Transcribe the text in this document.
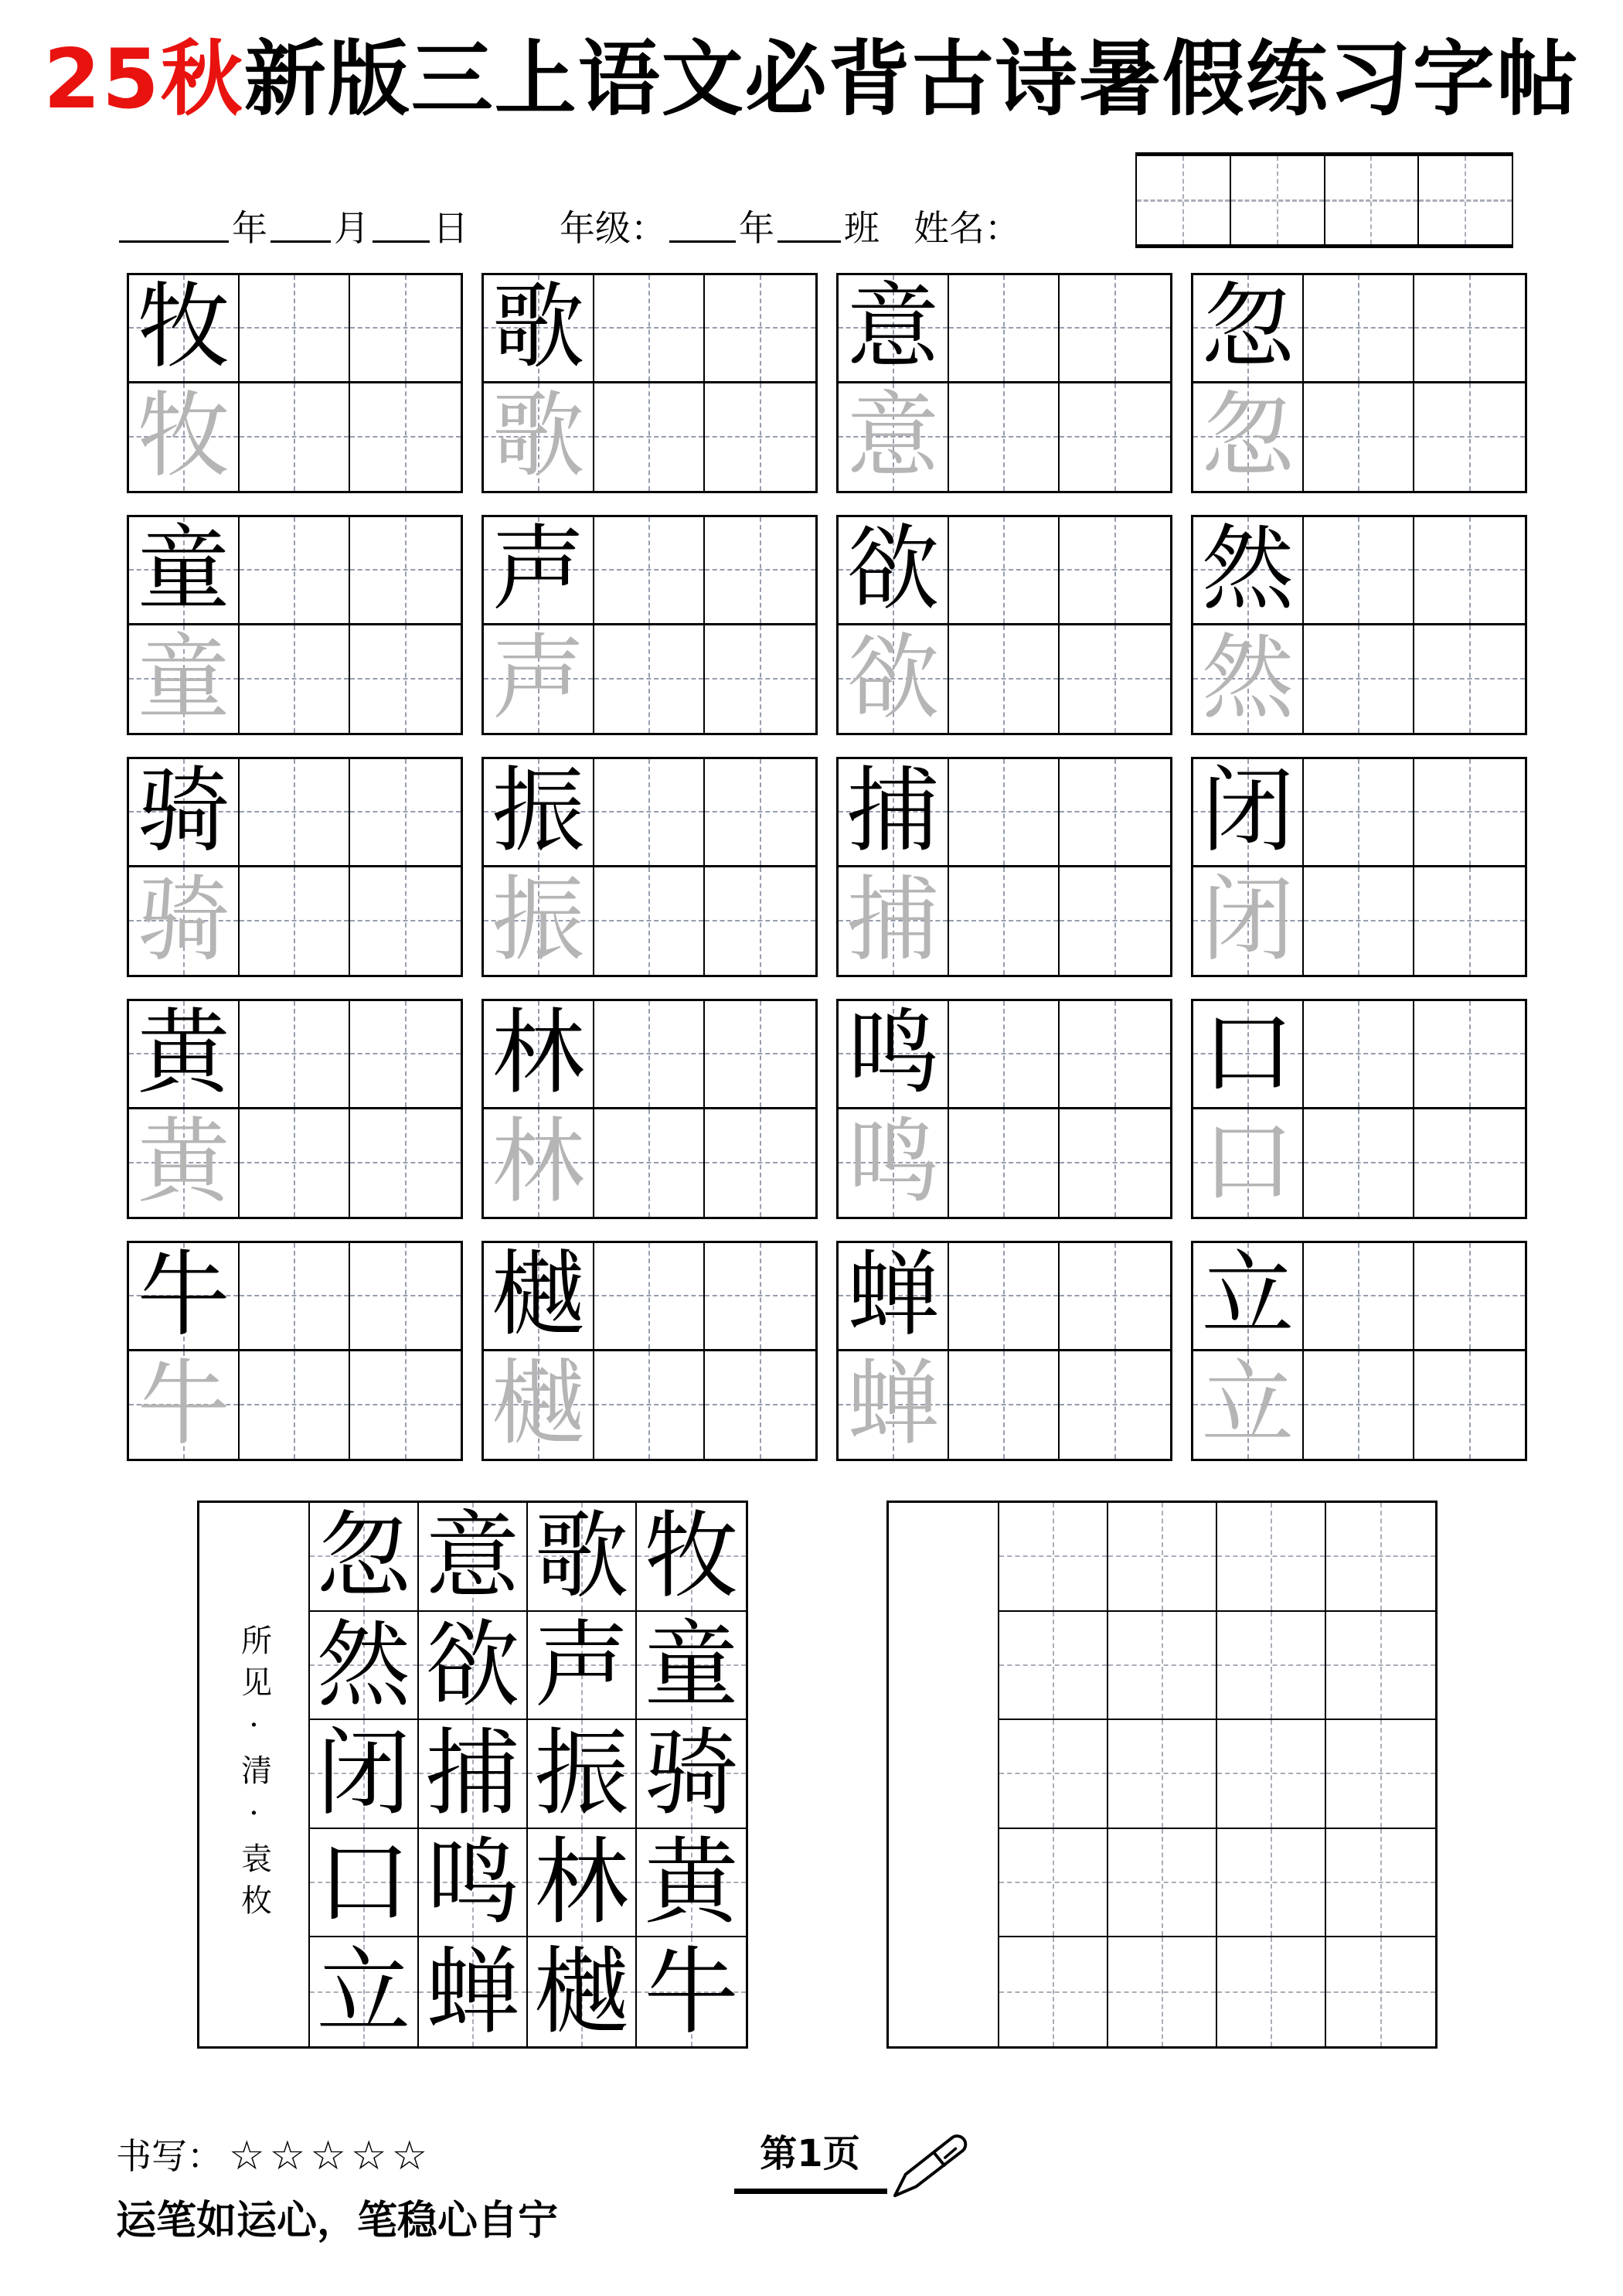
25秋新版三上语文必背古诗暑假练习字帖
年 月 日	年级： 年 班 姓名：
牧
牧
歌
歌
意
意
忽
忽
童
童
声
声
欲
欲
然
然
骑
骑
振
振
捕
捕
闭
闭
黄
黄
林
林
鸣
鸣
口
口
牛
牛
樾
樾
蝉
蝉
立
立
所见·清·袁枚
忽 意 歌 牧
然 欲 声 童
闭 捕 振 骑
口 鸣 林 黄
立 蝉 樾 牛
书写： ☆☆☆☆☆	第1页
运笔如运心，笔稳心自宁
